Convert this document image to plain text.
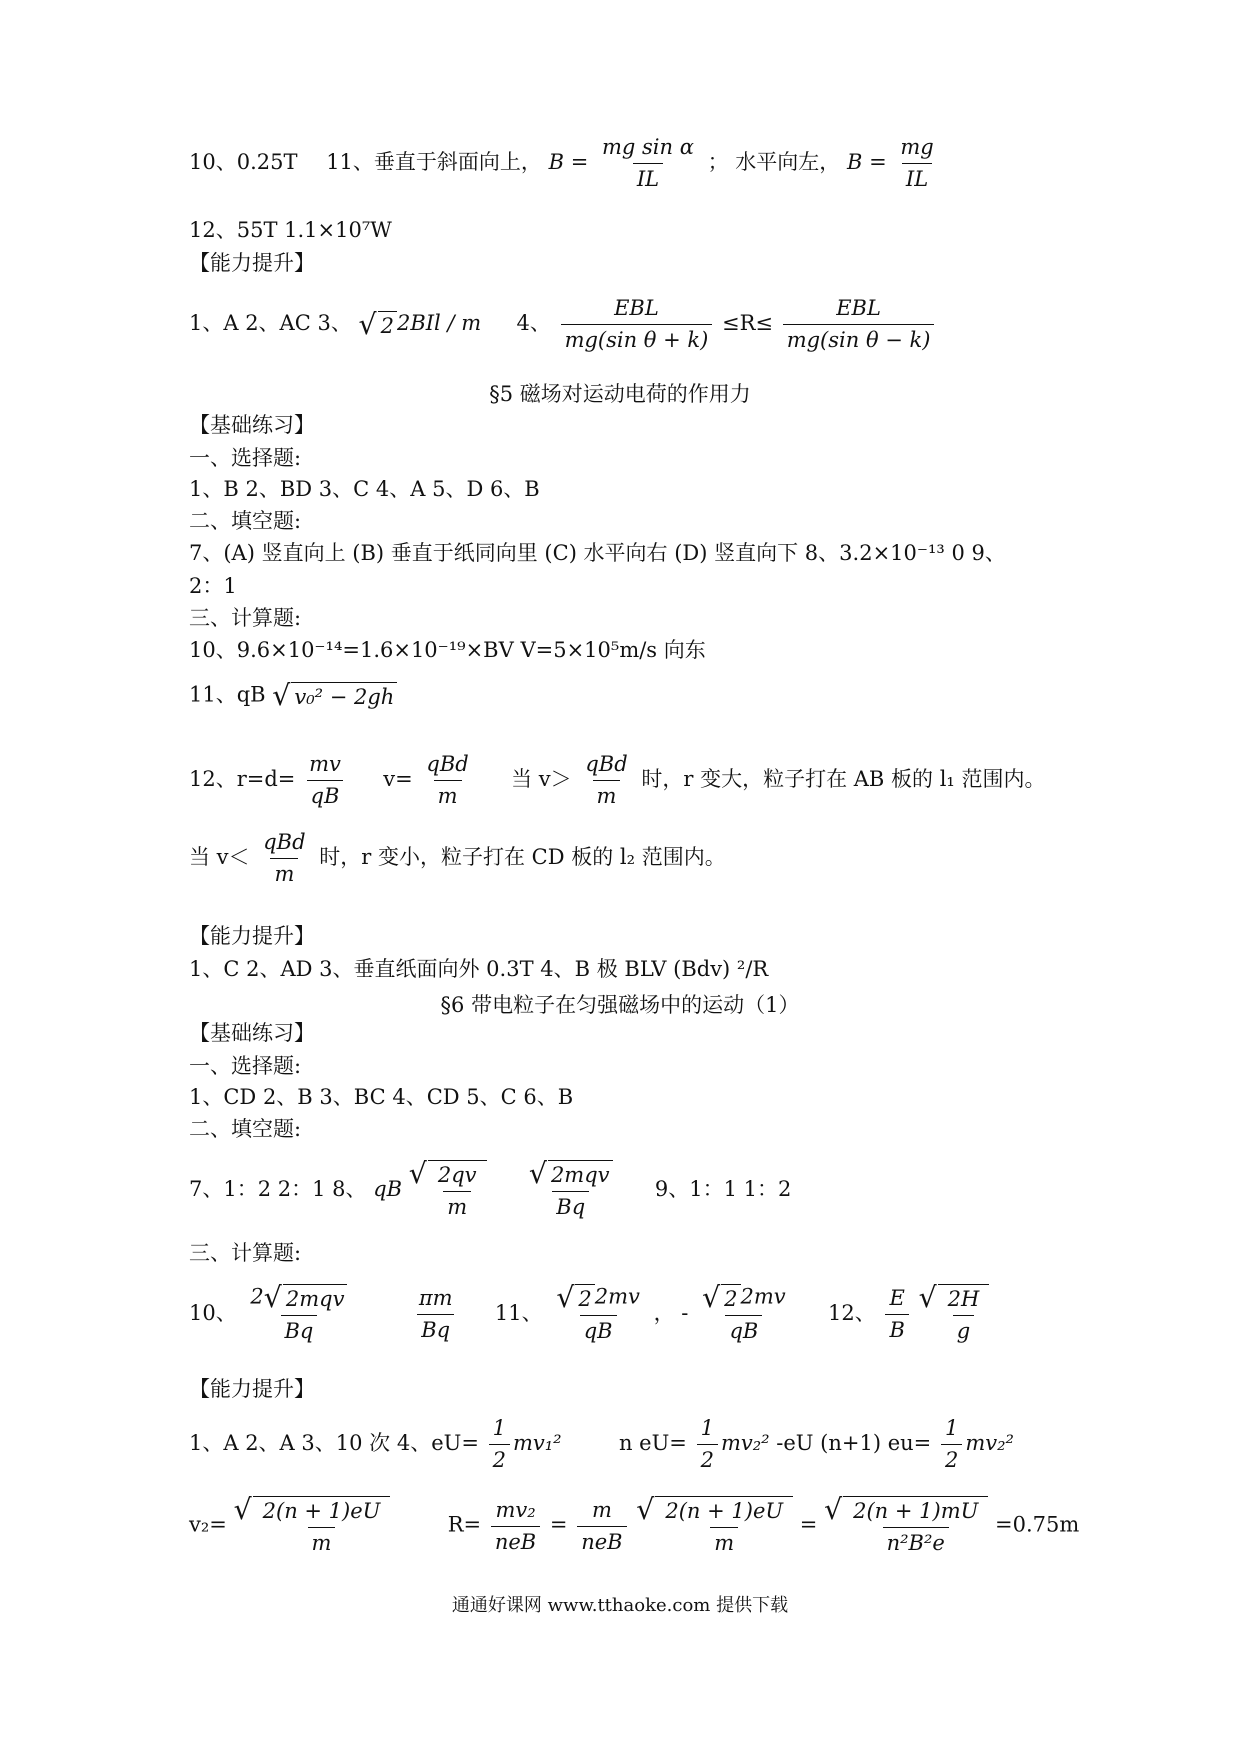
10、0.25T 11、垂直于斜面向上， $B = \frac{\text{mg sin α}}{IL}$ ； 水平向左， $B = \frac{mg}{IL}$
12、55T 1.1×10⁷W
【能力提升】
1、A 2、AC 3、 √ 2 2BIl / m 4、 $\frac{\text{EBL}}{\text{mg(sin θ + k)}} \le R\le \frac{\text{EBL}}{\text{mg(sin θ − k)}}$
§5 磁场对运动电荷的作用力
【基础练习】
一、选择题:
1、B 2、BD 3、C 4、A 5、D 6、B
二、填空题:
7、(A) 竖直向上 (B) 垂直于纸同向里 (C) 水平向右 (D) 竖直向下 8、3.2×10⁻¹³ 0 9、
2：1
三、计算题:
10、9.6×10⁻¹⁴=1.6×10⁻¹⁹×BV V=5×10⁵m/s 向东
11、qB √ v₀² − 2gh
12、$r=d= \frac{mv}{qB} v= \frac{\text{qBd}}{m}$ 当 $v> \frac{\text{qBd}}{m}$ 时，r 变大，粒子打在 AB 板的 l₁ 范围内。
当 $v< \frac{\text{qBd}}{m}$ 时，r 变小，粒子打在 CD 板的 l₂ 范围内。
【能力提升】
1、C 2、AD 3、垂直纸面向外 0.3T 4、B 极 BLV (Bdv) ²/R
§6 带电粒子在匀强磁场中的运动（1）
【基础练习】
一、选择题:
1、CD 2、B 3、BC 4、CD 5、C 6、B
二、填空题:
7、1：2 2：1 8、 qB √ $\frac{2qv}{m}$
$\frac{\text{√ 2mqv}}{Bq} 9$、1：1 1：2
三、计算题:
10、 $\frac{\text{2 √ 2mqv}}{Bq}$
	$\frac{\pi m}{Bq} 11$、 $\frac{√ 2 2mv}{qB}$ ， - $\frac{√ 2 2mv}{qB} 12$、 $\frac{E}{B}$
√ $\frac{2H}{g}$
【能力提升】
1、A 2、A 3、10 次 4、$eU= \frac{1}{2} mv_1^2$	n $eU= \frac{1}{2} mv_2^2$ -eU (n+1) $eu= \frac{1}{2} mv_2^2$
v₂= √ $\frac{2(n + 1)eU}{m}$	$R= \frac{\text{mv₂}}{\text{neB}} = \frac{m}{\text{neB}}$
√ $\frac{2(n + 1)eU}{m}$ = √ $\frac{2(n + 1)mU}{\text{n²B²e}} =0.75m$
通通好课网 www.tthaoke.com 提供下载
